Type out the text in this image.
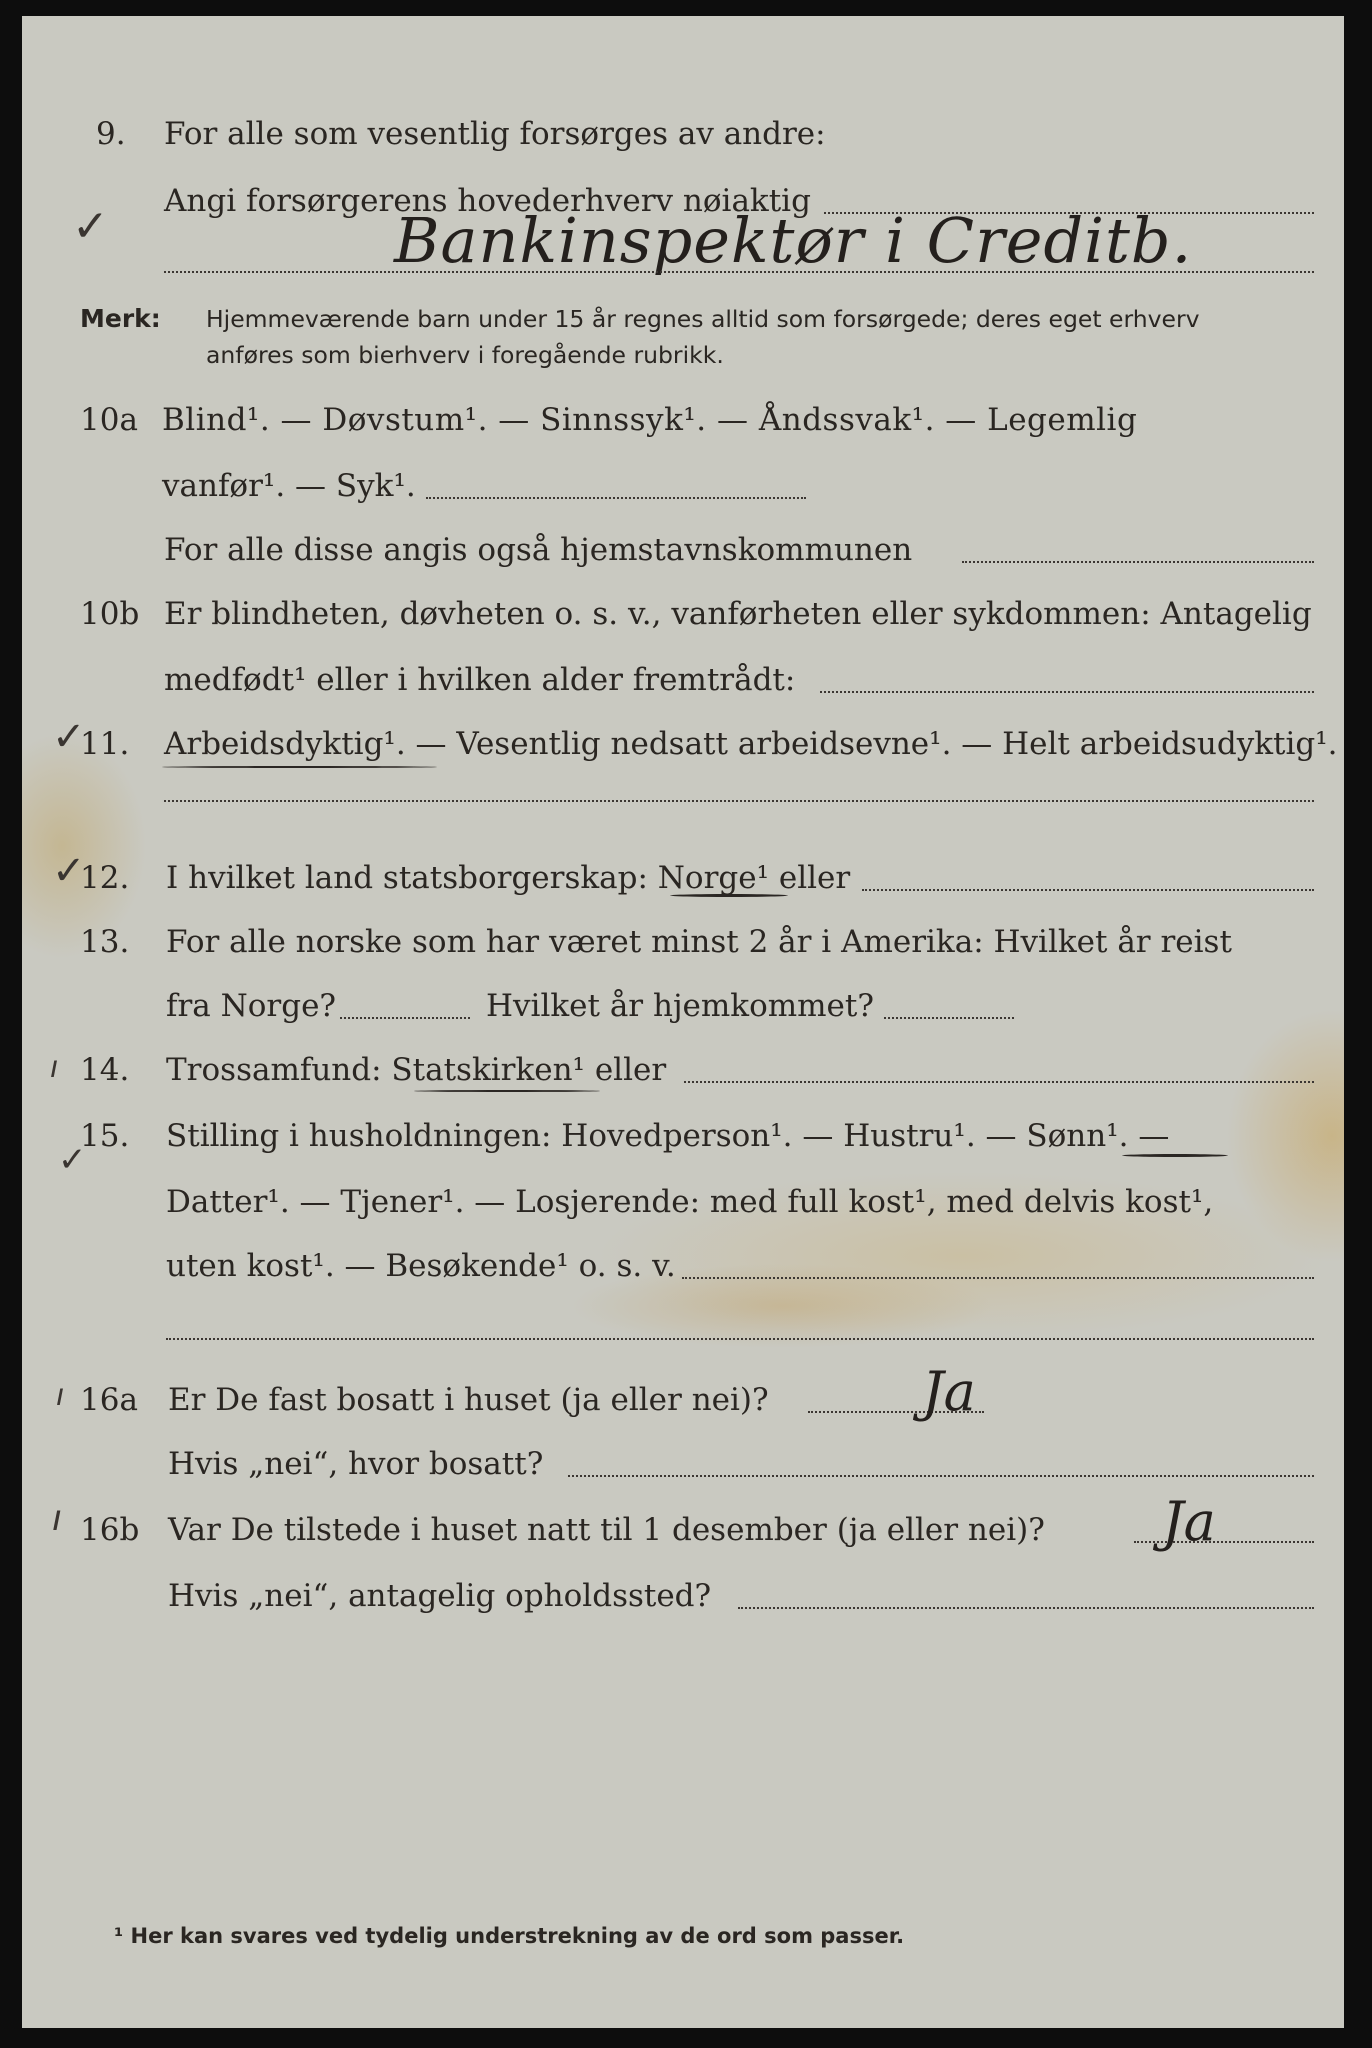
9. For alle som vesentlig forsørges av andre:
Angi forsørgerens hovederhverv nøiaktig
Bankinspektør i Creditb.
✓
Merk: Hjemmeværende barn under 15 år regnes alltid som forsørgede; deres eget erhverv
anføres som bierhverv i foregående rubrikk.
10a Blind¹. — Døvstum¹. — Sinnssyk¹. — Åndssvak¹. — Legemlig
vanfør¹. — Syk¹.
For alle disse angis også hjemstavnskommunen
10b Er blindheten, døvheten o. s. v., vanførheten eller sykdommen: Antagelig
medfødt¹ eller i hvilken alder fremtrådt:
✓
11. Arbeidsdyktig¹. — Vesentlig nedsatt arbeidsevne¹. — Helt arbeidsudyktig¹.
✓
12. I hvilket land statsborgerskap: Norge¹ eller
13. For alle norske som har været minst 2 år i Amerika: Hvilket år reist
fra Norge?	Hvilket år hjemkommet?
ı 14. Trossamfund: Statskirken¹ eller
15.
✓
Stilling i husholdningen: Hovedperson¹. — Hustru¹. — Sønn¹. —
Datter¹. — Tjener¹. — Losjerende: med full kost¹, med delvis kost¹,
uten kost¹. — Besøkende¹ o. s. v.
16a
ı	Er De fast bosatt i huset (ja eller nei)?	Ja
Hvis „nei“, hvor bosatt?
ı 16b Var De tilstede i huset natt til 1 desember (ja eller nei)? Ja
Hvis „nei“, antagelig opholdssted?
¹ Her kan svares ved tydelig understrekning av de ord som passer.
